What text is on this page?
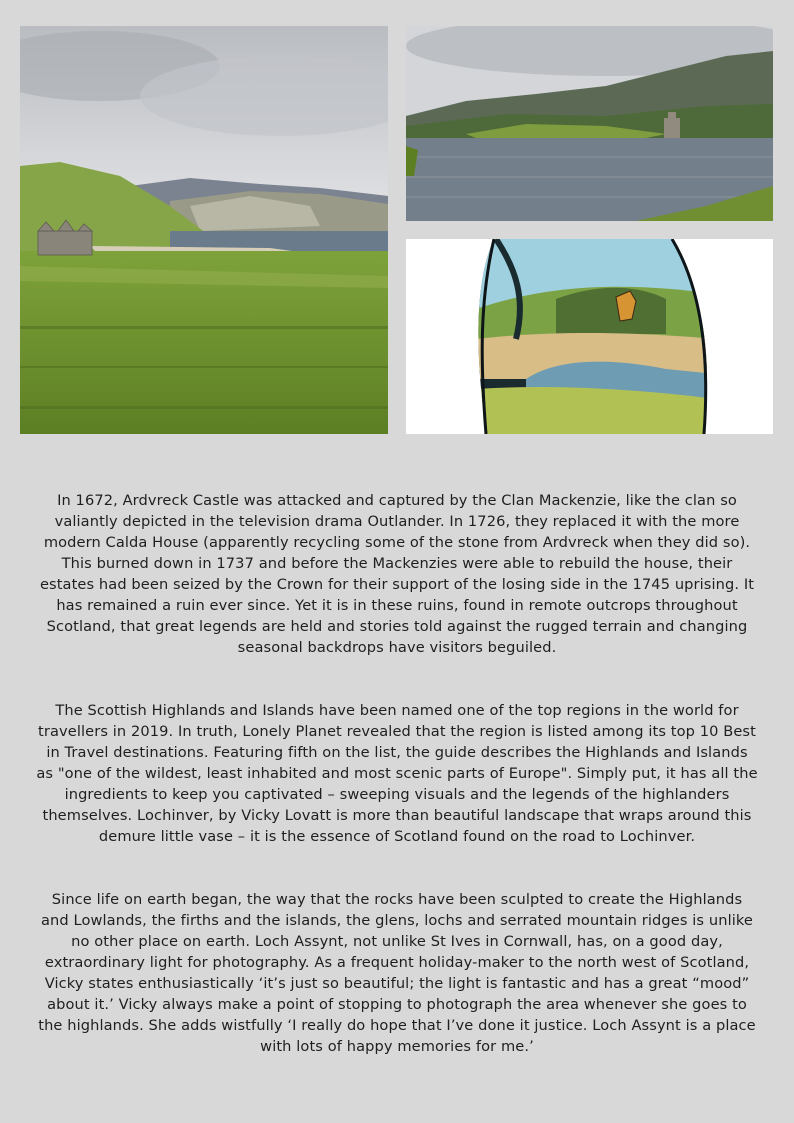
In 1672, Ardvreck Castle was attacked and captured by the Clan Mackenzie, like the clan so valiantly depicted in the television drama Outlander. In 1726, they replaced it with the more modern Calda House (apparently recycling some of the stone from Ardvreck when they did so). This burned down in 1737 and before the Mackenzies were able to rebuild the house, their estates had been seized by the Crown for their support of the losing side in the 1745 uprising. It has remained a ruin ever since. Yet it is in these ruins, found in remote outcrops throughout Scotland, that great legends are held and stories told against the rugged terrain and changing seasonal backdrops have visitors beguiled.

The Scottish Highlands and Islands have been named one of the top regions in the world for travellers in 2019. In truth, Lonely Planet revealed that the region is listed among its top 10 Best in Travel destinations. Featuring fifth on the list, the guide describes the Highlands and Islands as "one of the wildest, least inhabited and most scenic parts of Europe". Simply put, it has all the ingredients to keep you captivated – sweeping visuals and the legends of the highlanders themselves. Lochinver, by Vicky Lovatt is more than beautiful landscape that wraps around this demure little vase – it is the essence of Scotland found on the road to Lochinver.

Since life on earth began, the way that the rocks have been sculpted to create the Highlands and Lowlands, the firths and the islands, the glens, lochs and serrated mountain ridges is unlike no other place on earth. Loch Assynt, not unlike St Ives in Cornwall, has, on a good day, extraordinary light for photography. As a frequent holiday-maker to the north west of Scotland, Vicky states enthusiastically ‘it’s just so beautiful; the light is fantastic and has a great “mood” about it.’ Vicky always make a point of stopping to photograph the area whenever she goes to the highlands. She adds wistfully ‘I really do hope that I’ve done it justice. Loch Assynt is a place with lots of happy memories for me.’
